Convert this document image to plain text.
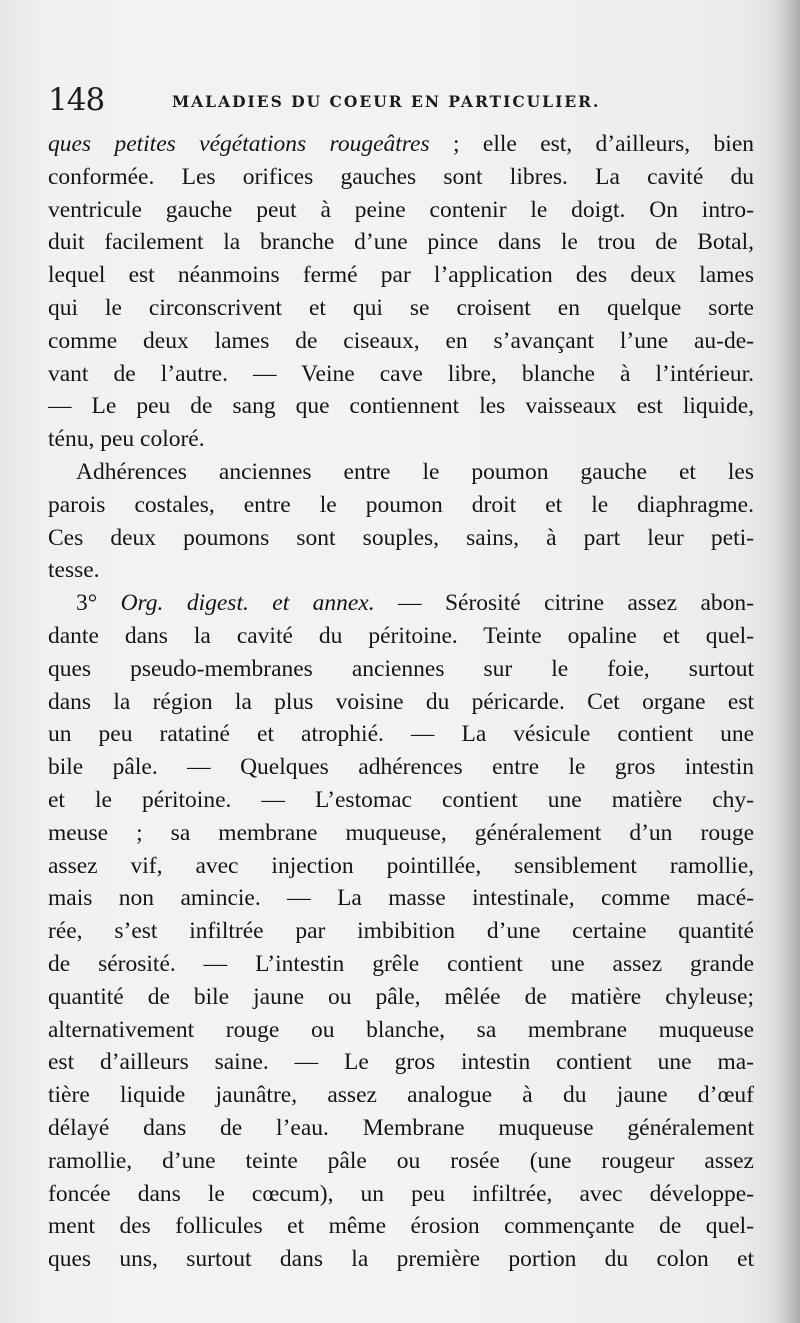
148	MALADIES DU COEUR EN PARTICULIER.
ques petites végétations rougeâtres ; elle est, d’ailleurs, bien
conformée. Les orifices gauches sont libres. La cavité du
ventricule gauche peut à peine contenir le doigt. On intro-
duit facilement la branche d’une pince dans le trou de Botal,
lequel est néanmoins fermé par l’application des deux lames
qui le circonscrivent et qui se croisent en quelque sorte
comme deux lames de ciseaux, en s’avançant l’une au-de-
vant de l’autre. — Veine cave libre, blanche à l’intérieur.
— Le peu de sang que contiennent les vaisseaux est liquide,
ténu, peu coloré.
Adhérences anciennes entre le poumon gauche et les
parois costales, entre le poumon droit et le diaphragme.
Ces deux poumons sont souples, sains, à part leur peti-
tesse.
3° Org. digest. et annex. — Sérosité citrine assez abon-
dante dans la cavité du péritoine. Teinte opaline et quel-
ques pseudo-membranes anciennes sur le foie, surtout
dans la région la plus voisine du péricarde. Cet organe est
un peu ratatiné et atrophié. — La vésicule contient une
bile pâle. — Quelques adhérences entre le gros intestin
et le péritoine. — L’estomac contient une matière chy-
meuse ; sa membrane muqueuse, généralement d’un rouge
assez vif, avec injection pointillée, sensiblement ramollie,
mais non amincie. — La masse intestinale, comme macé-
rée, s’est infiltrée par imbibition d’une certaine quantité
de sérosité. — L’intestin grêle contient une assez grande
quantité de bile jaune ou pâle, mêlée de matière chyleuse;
alternativement rouge ou blanche, sa membrane muqueuse
est d’ailleurs saine. — Le gros intestin contient une ma-
tière liquide jaunâtre, assez analogue à du jaune d’œuf
délayé dans de l’eau. Membrane muqueuse généralement
ramollie, d’une teinte pâle ou rosée (une rougeur assez
foncée dans le cœcum), un peu infiltrée, avec développe-
ment des follicules et même érosion commençante de quel-
ques uns, surtout dans la première portion du colon et
